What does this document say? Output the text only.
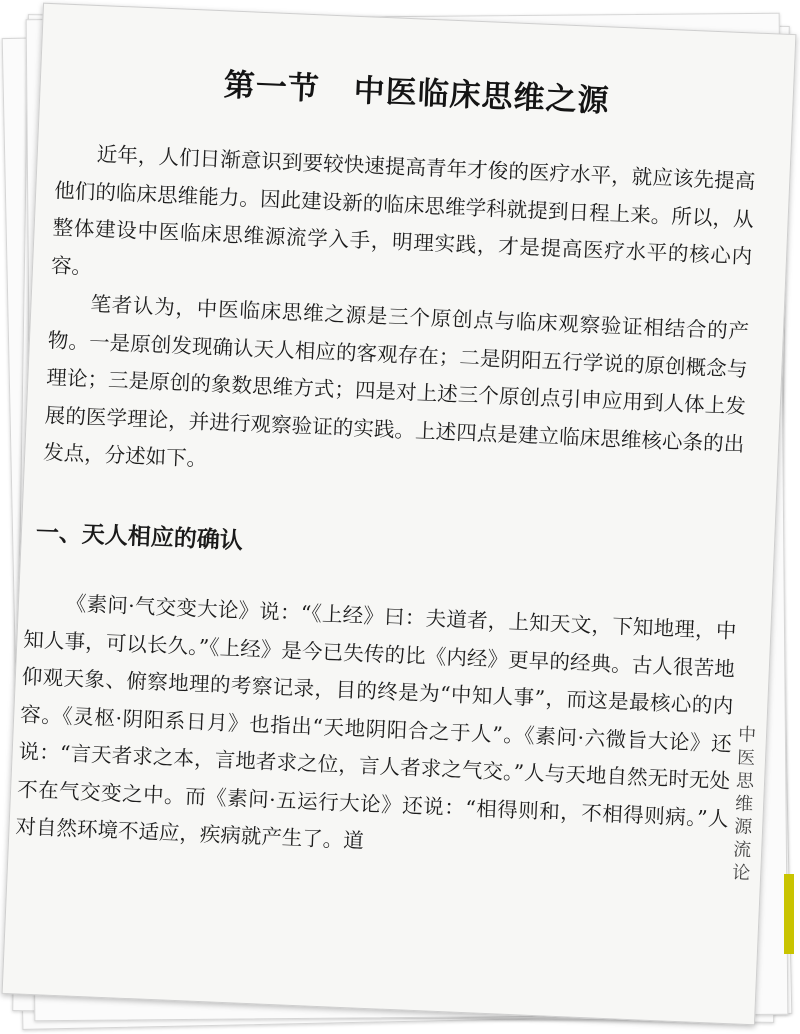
第一节 中医临床思维之源

近年，人们日渐意识到要较快速提高青年才俊的医疗水平，就应该先提高他们的临床思维能力。因此建设新的临床思维学科就提到日程上来。所以，从整体建设中医临床思维源流学入手，明理实践，才是提高医疗水平的核心内容。

笔者认为，中医临床思维之源是三个原创点与临床观察验证相结合的产物。一是原创发现确认天人相应的客观存在；二是阴阳五行学说的原创概念与理论；三是原创的象数思维方式；四是对上述三个原创点引申应用到人体上发展的医学理论，并进行观察验证的实践。上述四点是建立临床思维核心条的出发点，分述如下。

一、天人相应的确认

《素问·气交变大论》说：“《上经》曰：夫道者，上知天文，下知地理，中知人事，可以长久。”《上经》是今已失传的比《内经》更早的经典。古人很苦地仰观天象、俯察地理的考察记录，目的终是为“中知人事”，而这是最核心的内容。《灵枢·阴阳系日月》也指出“天地阴阳合之于人”。《素问·六微旨大论》还说：“言天者求之本，言地者求之位，言人者求之气交。”人与天地自然无时无处不在气交变之中。而《素问·五运行大论》还说：“相得则和，不相得则病。”人对自然环境不适应，疾病就产生了。道

中
医
思
维
源
流
论
